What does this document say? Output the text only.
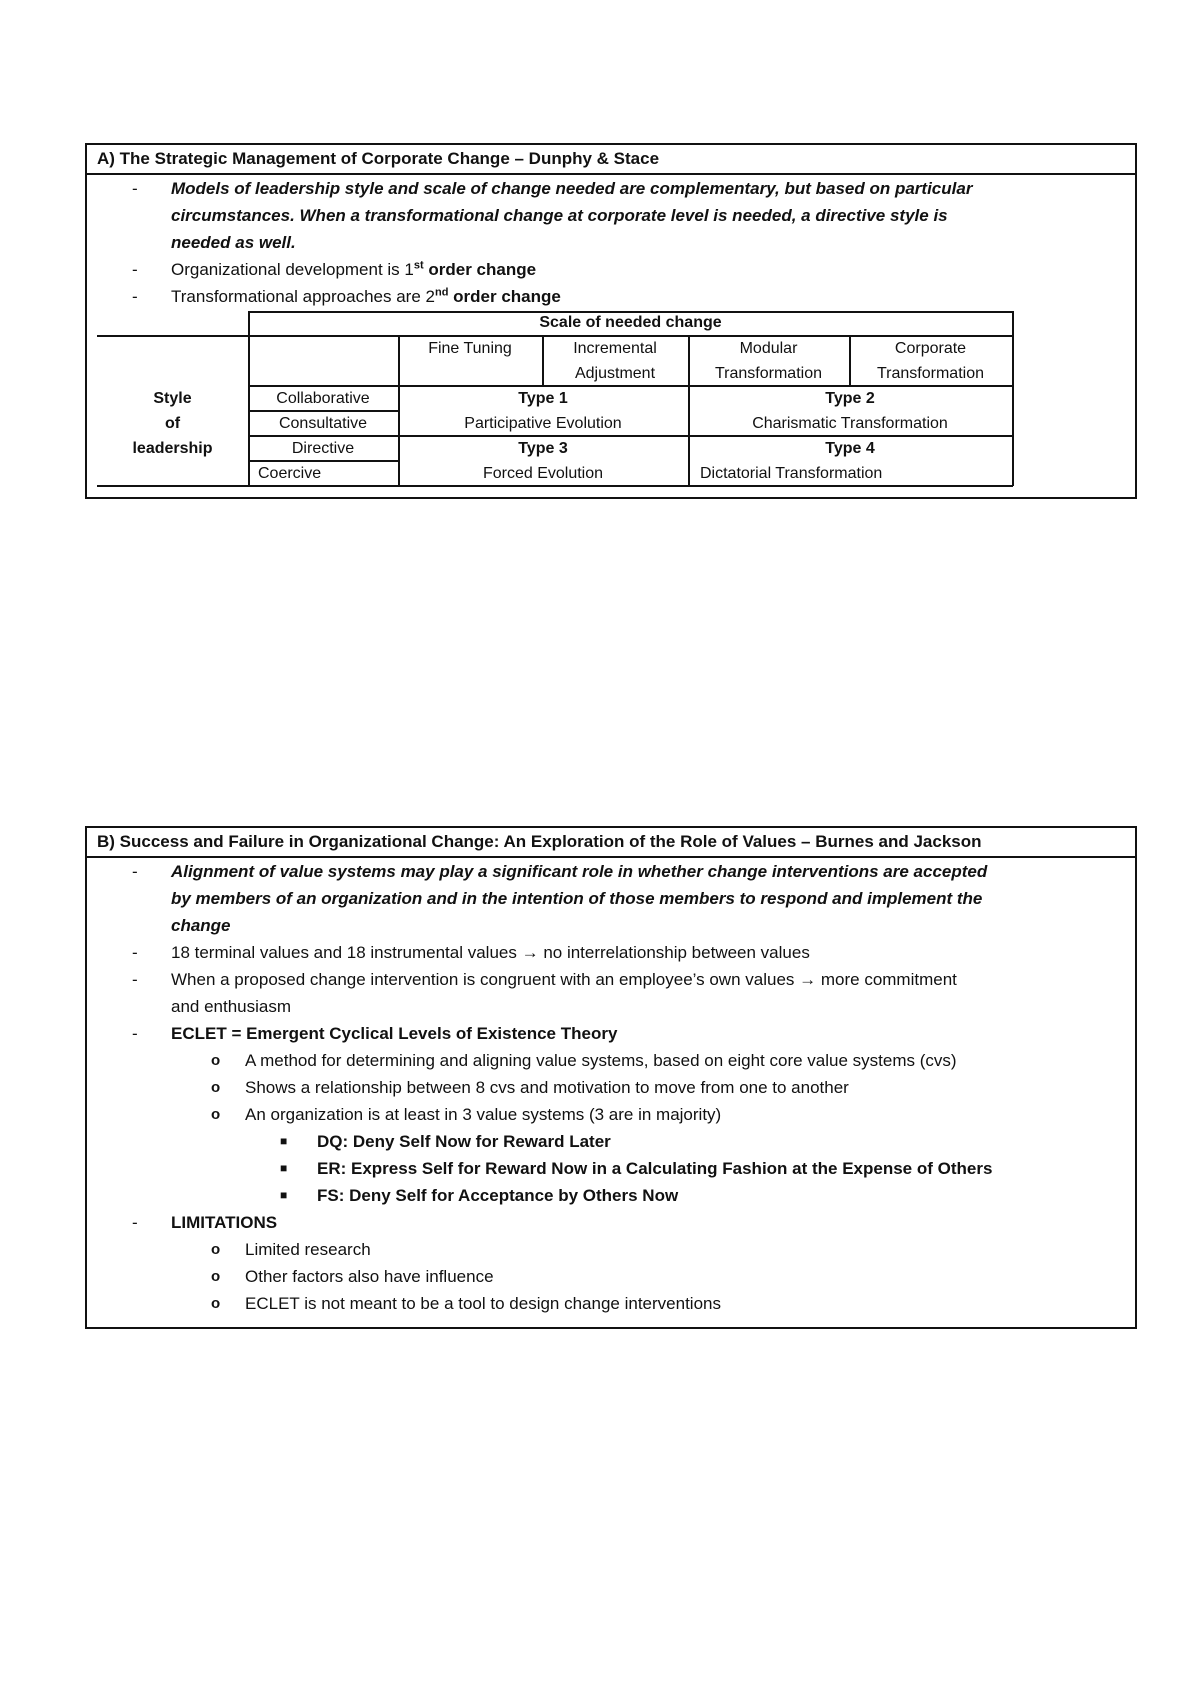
A) The Strategic Management of Corporate Change – Dunphy & Stace
- Models of leadership style and scale of change needed are complementary, but based on particular
circumstances. When a transformational change at corporate level is needed, a directive style is
needed as well.
- Organizational development is 1st order change
- Transformational approaches are 2nd order change
Scale of needed change
Fine Tuning	Incremental
Adjustment
Modular
Transformation
Corporate
Transformation
Style
of
leadership
Collaborative
Consultative
Directive
Coercive
Type 1
Participative Evolution
Type 2
Charismatic Transformation
Type 3
Forced Evolution
Type 4
Dictatorial Transformation
B) Success and Failure in Organizational Change: An Exploration of the Role of Values – Burnes and Jackson
- Alignment of value systems may play a significant role in whether change interventions are accepted
by members of an organization and in the intention of those members to respond and implement the
change
- 18 terminal values and 18 instrumental values → no interrelationship between values
- When a proposed change intervention is congruent with an employee’s own values → more commitment
and enthusiasm
- ECLET = Emergent Cyclical Levels of Existence Theory
o A method for determining and aligning value systems, based on eight core value systems (cvs)
o Shows a relationship between 8 cvs and motivation to move from one to another
o An organization is at least in 3 value systems (3 are in majority)
■ DQ: Deny Self Now for Reward Later
■ ER: Express Self for Reward Now in a Calculating Fashion at the Expense of Others
■ FS: Deny Self for Acceptance by Others Now
- LIMITATIONS
o Limited research
o Other factors also have influence
o ECLET is not meant to be a tool to design change interventions
